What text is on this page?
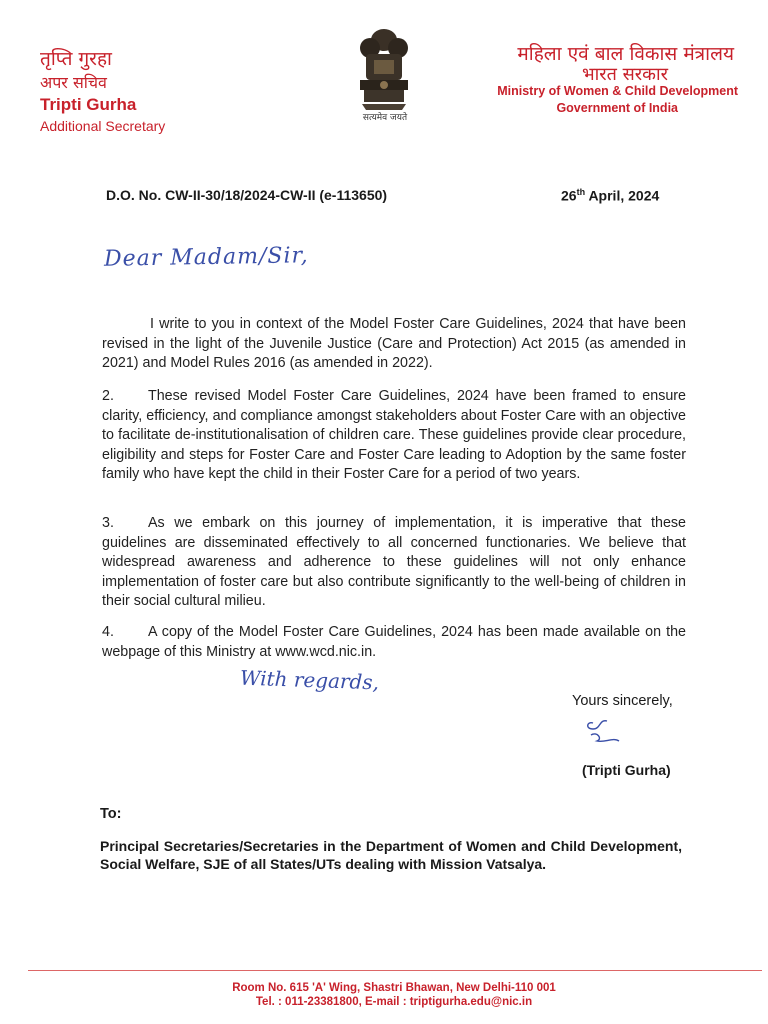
तृप्ति गुरहा
अपर सचिव
Tripti Gurha
Additional Secretary	सत्यमेव जयते
महिला एवं बाल विकास मंत्रालय
भारत सरकार
Ministry of Women & Child Development
Government of India
D.O. No. CW-II-30/18/2024-CW-II (e-113650)	26th April, 2024
Dear Madam/Sir,
I write to you in context of the Model Foster Care Guidelines, 2024 that have been revised in the light of the Juvenile Justice (Care and Protection) Act 2015 (as amended in 2021) and Model Rules 2016 (as amended in 2022).
2. These revised Model Foster Care Guidelines, 2024 have been framed to ensure clarity, efficiency, and compliance amongst stakeholders about Foster Care with an objective to facilitate de-institutionalisation of children care. These guidelines provide clear procedure, eligibility and steps for Foster Care and Foster Care leading to Adoption by the same foster family who have kept the child in their Foster Care for a period of two years.
3. As we embark on this journey of implementation, it is imperative that these guidelines are disseminated effectively to all concerned functionaries. We believe that widespread awareness and adherence to these guidelines will not only enhance implementation of foster care but also contribute significantly to the well-being of children in their social cultural milieu.
4. A copy of the Model Foster Care Guidelines, 2024 has been made available on the webpage of this Ministry at www.wcd.nic.in.
With regards,
Yours sincerely,
(Tripti Gurha)
To:
Principal Secretaries/Secretaries in the Department of Women and Child Development, Social Welfare, SJE of all States/UTs dealing with Mission Vatsalya.
Room No. 615 'A' Wing, Shastri Bhawan, New Delhi-110 001
Tel. : 011-23381800, E-mail : triptigurha.edu@nic.in
